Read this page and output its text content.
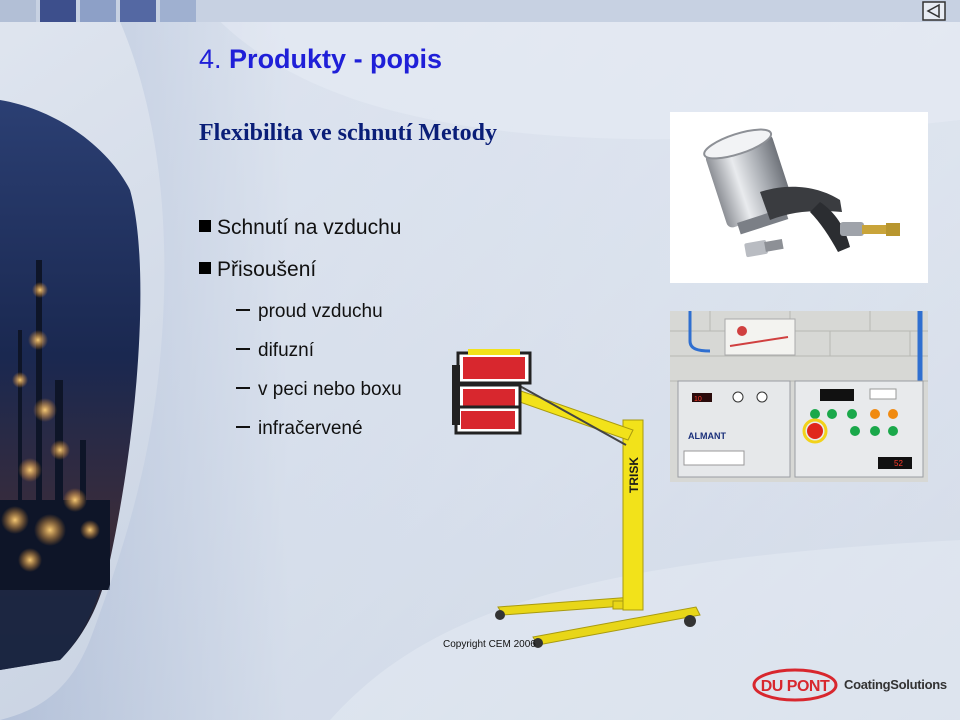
4. Produkty - popis
Flexibilita ve schnutí Metody
Schnutí na vzduchu
Přisoušení
proud vzduchu
difuzní
v peci nebo boxu
infračervené
10
ALMANT
52
TRISK
Copyright CEM 2006
DU PONT CoatingSolutions
